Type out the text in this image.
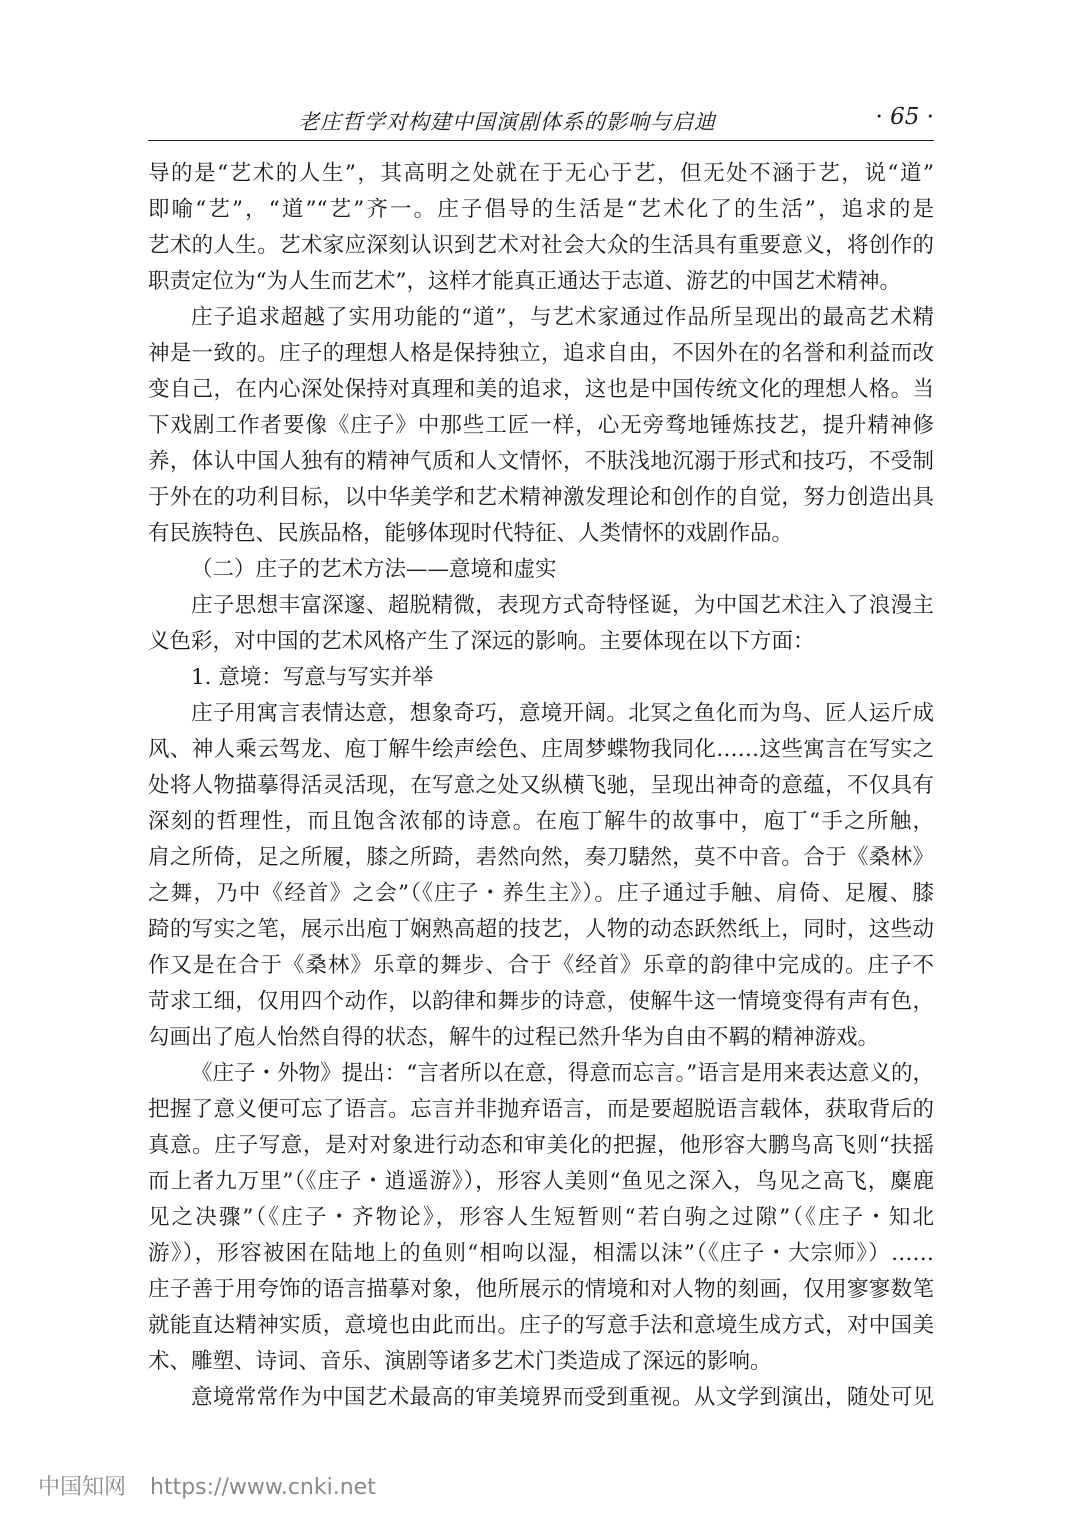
老庄哲学对构建中国演剧体系的影响与启迪	· 65 ·
导的是“艺术的人生”，其高明之处就在于无心于艺，但无处不涵于艺，说“道”
即喻“艺”，“道”“艺”齐一。庄子倡导的生活是“艺术化了的生活”，追求的是
艺术的人生。艺术家应深刻认识到艺术对社会大众的生活具有重要意义，将创作的
职责定位为“为人生而艺术”，这样才能真正通达于志道、游艺的中国艺术精神。
庄子追求超越了实用功能的“道”，与艺术家通过作品所呈现出的最高艺术精
神是一致的。庄子的理想人格是保持独立，追求自由，不因外在的名誉和利益而改
变自己，在内心深处保持对真理和美的追求，这也是中国传统文化的理想人格。当
下戏剧工作者要像《庄子》中那些工匠一样，心无旁骛地锤炼技艺，提升精神修
养，体认中国人独有的精神气质和人文情怀，不肤浅地沉溺于形式和技巧，不受制
于外在的功利目标，以中华美学和艺术精神激发理论和创作的自觉，努力创造出具
有民族特色、民族品格，能够体现时代特征、人类情怀的戏剧作品。
（二）庄子的艺术方法——意境和虚实
庄子思想丰富深邃、超脱精微，表现方式奇特怪诞，为中国艺术注入了浪漫主
义色彩，对中国的艺术风格产生了深远的影响。主要体现在以下方面：
1. 意境：写意与写实并举
庄子用寓言表情达意，想象奇巧，意境开阔。北冥之鱼化而为鸟、匠人运斤成
风、神人乘云驾龙、庖丁解牛绘声绘色、庄周梦蝶物我同化……这些寓言在写实之
处将人物描摹得活灵活现，在写意之处又纵横飞驰，呈现出神奇的意蕴，不仅具有
深刻的哲理性，而且饱含浓郁的诗意。在庖丁解牛的故事中，庖丁“手之所触，
肩之所倚，足之所履，膝之所踦，砉然向然，奏刀騞然，莫不中音。合于《桑林》
之舞，乃中《经首》之会”（《庄子・养生主》）。庄子通过手触、肩倚、足履、膝
踦的写实之笔，展示出庖丁娴熟高超的技艺，人物的动态跃然纸上，同时，这些动
作又是在合于《桑林》乐章的舞步、合于《经首》乐章的韵律中完成的。庄子不
苛求工细，仅用四个动作，以韵律和舞步的诗意，使解牛这一情境变得有声有色，
勾画出了庖人怡然自得的状态，解牛的过程已然升华为自由不羁的精神游戏。
《庄子・外物》提出：“言者所以在意，得意而忘言。”语言是用来表达意义的，
把握了意义便可忘了语言。忘言并非抛弃语言，而是要超脱语言载体，获取背后的
真意。庄子写意，是对对象进行动态和审美化的把握，他形容大鹏鸟高飞则“扶摇
而上者九万里”（《庄子・逍遥游》），形容人美则“鱼见之深入，鸟见之高飞，麋鹿
见之决骤”（《庄子・齐物论》，形容人生短暂则“若白驹之过隙”（《庄子・知北
游》），形容被困在陆地上的鱼则“相呴以湿，相濡以沫”（《庄子・大宗师》）……
庄子善于用夸饰的语言描摹对象，他所展示的情境和对人物的刻画，仅用寥寥数笔
就能直达精神实质，意境也由此而出。庄子的写意手法和意境生成方式，对中国美
术、雕塑、诗词、音乐、演剧等诸多艺术门类造成了深远的影响。
意境常常作为中国艺术最高的审美境界而受到重视。从文学到演出，随处可见
中国知网 https://www.cnki.net
